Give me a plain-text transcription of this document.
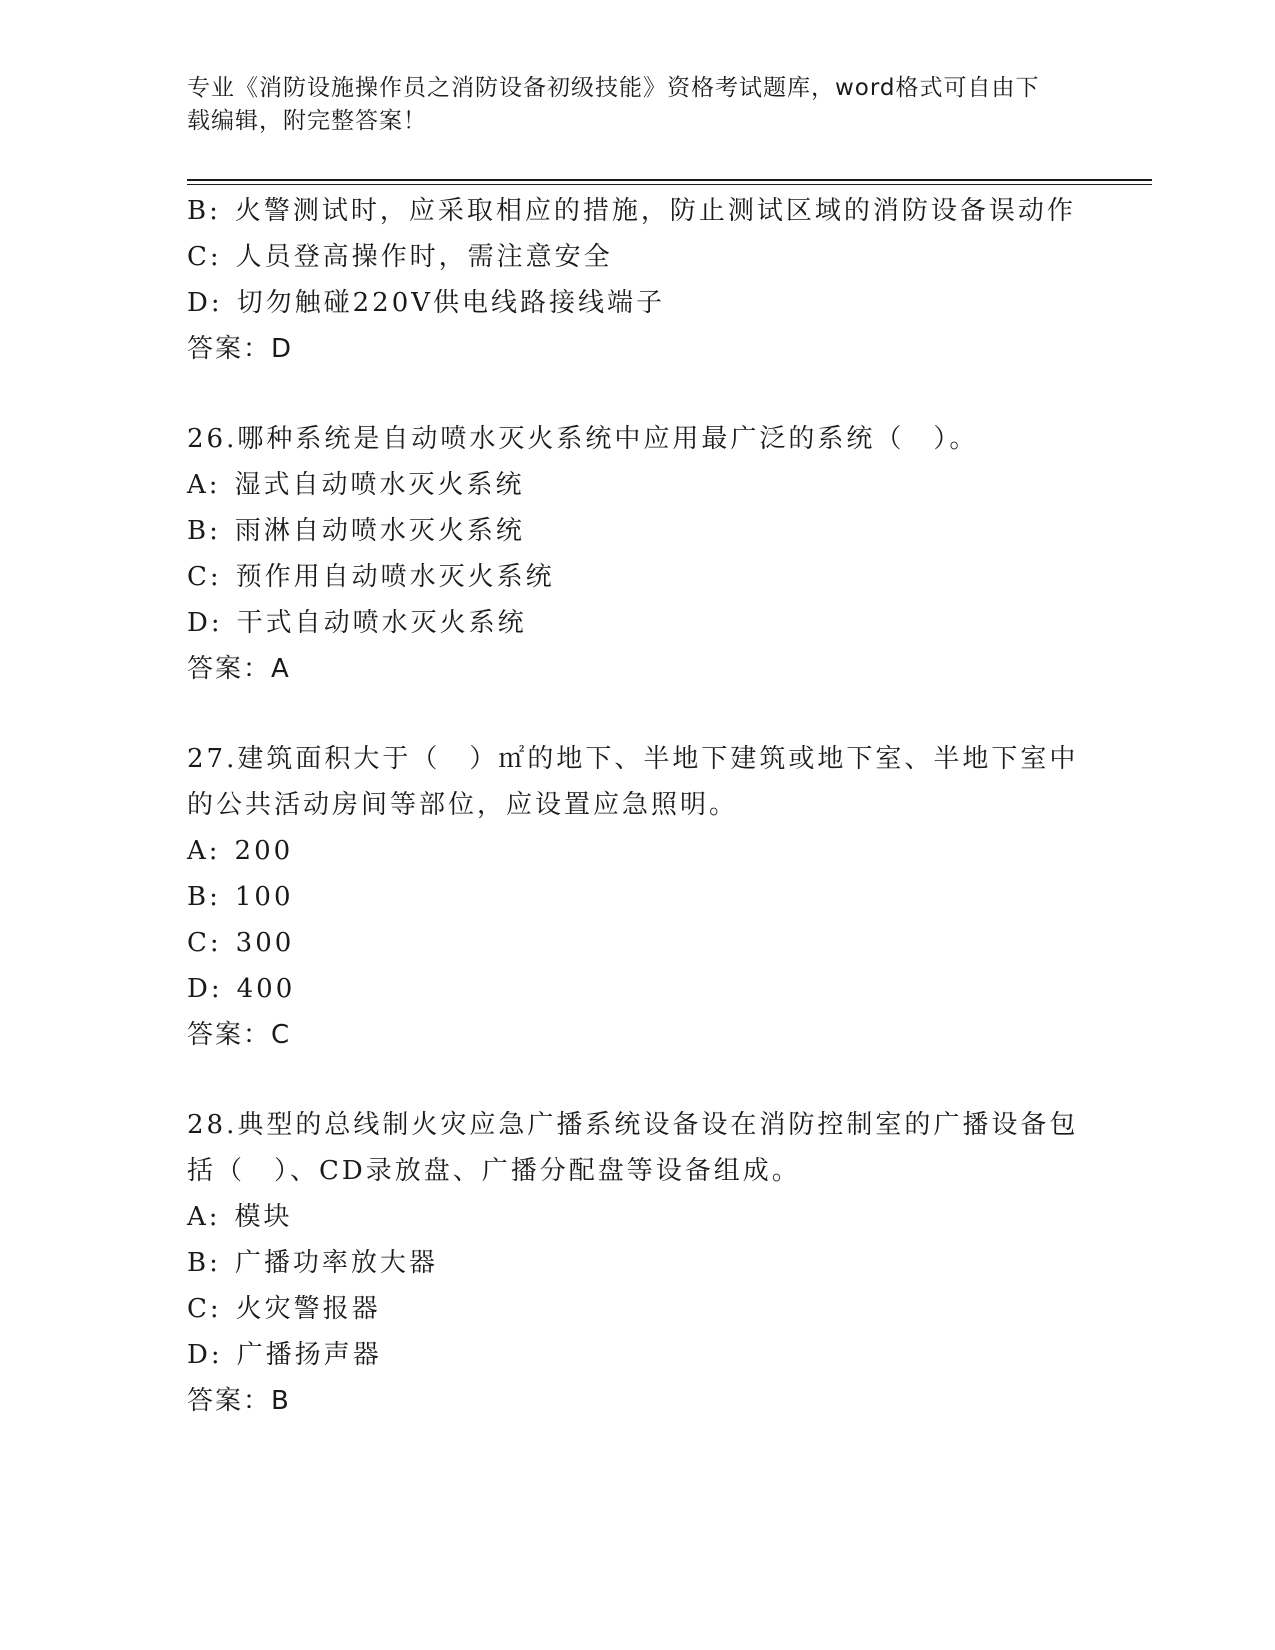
专业《消防设施操作员之消防设备初级技能》资格考试题库，word格式可自由下
载编辑，附完整答案！
B: 火警测试时，应采取相应的措施，防止测试区域的消防设备误动作
C: 人员登高操作时，需注意安全
D: 切勿触碰220V供电线路接线端子
答案：D
26.哪种系统是自动喷水灭火系统中应用最广泛的系统（　）。
A: 湿式自动喷水灭火系统
B: 雨淋自动喷水灭火系统
C: 预作用自动喷水灭火系统
D: 干式自动喷水灭火系统
答案：A
27.建筑面积大于（　）㎡的地下、半地下建筑或地下室、半地下室中
的公共活动房间等部位，应设置应急照明。
A: 200
B: 100
C: 300
D: 400
答案：C
28.典型的总线制火灾应急广播系统设备设在消防控制室的广播设备包
括（　）、CD录放盘、广播分配盘等设备组成。
A: 模块
B: 广播功率放大器
C: 火灾警报器
D: 广播扬声器
答案：B
